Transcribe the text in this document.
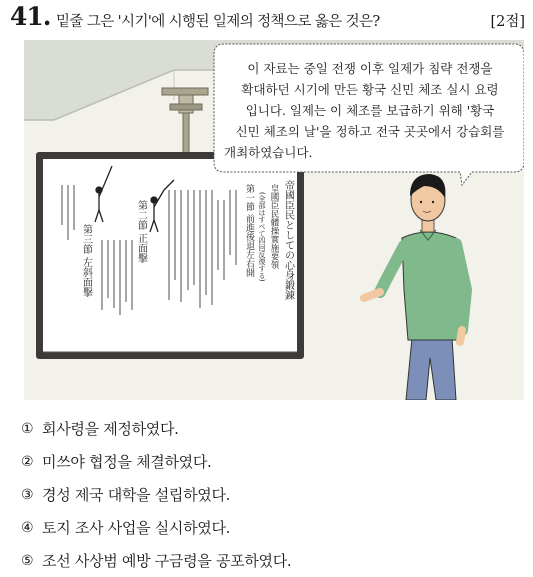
41. 밑줄 그은 '시기'에 시행된 일제의 정책으로 옳은 것은?	[2점]
帝國臣民としての心身鍛錬
皇國臣民體操實施要領
(全部はすべて四回反復する)
第一節 前進後退左右開
第二節 正面擊
第三節 左斜面擊
이 자료는 중일 전쟁 이후 일제가 침략 전쟁을
확대하던 시기에 만든 황국 신민 체조 실시 요령
입니다. 일제는 이 체조를 보급하기 위해 '황국
신민 체조의 날'을 정하고 전국 곳곳에서 강습회를
개최하였습니다.
① 회사령을 제정하였다.
② 미쓰야 협정을 체결하였다.
③ 경성 제국 대학을 설립하였다.
④ 토지 조사 사업을 실시하였다.
⑤ 조선 사상범 예방 구금령을 공포하였다.
